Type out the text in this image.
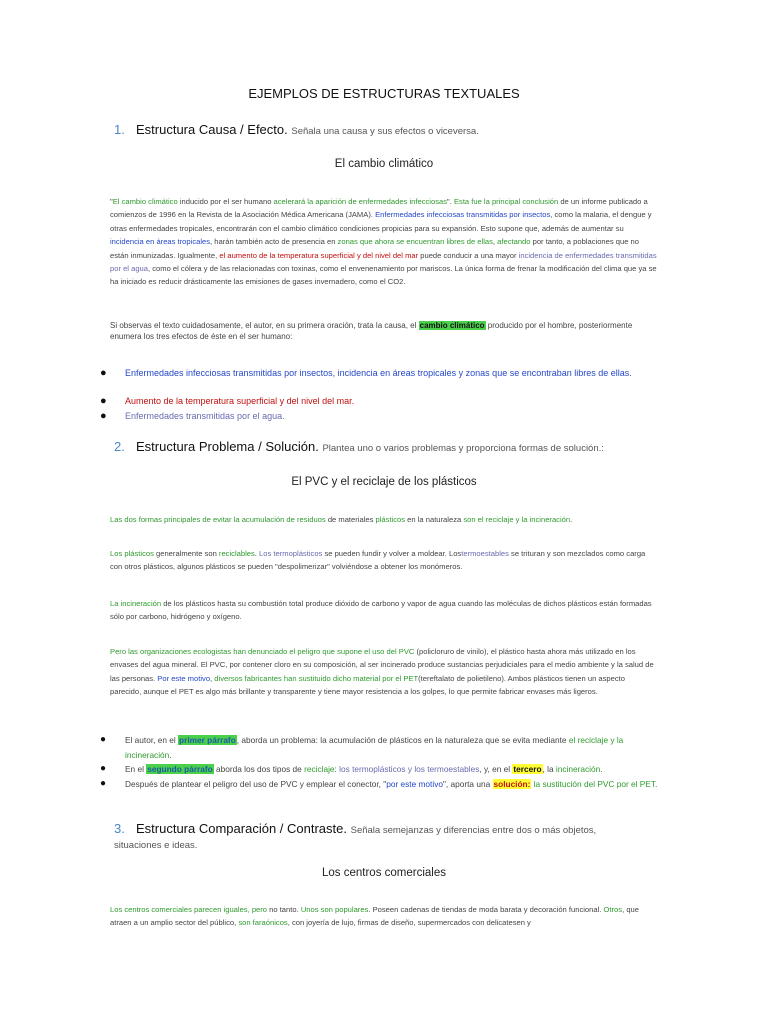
EJEMPLOS DE ESTRUCTURAS TEXTUALES
1. Estructura Causa / Efecto. Señala una causa y sus efectos o viceversa.
El cambio climático
"El cambio climático inducido por el ser humano acelerará la aparición de enfermedades infecciosas". Esta fue la principal conclusión de un informe publicado a comienzos de 1996 en la Revista de la Asociación Médica Americana (JAMA). Enfermedades infecciosas transmitidas por insectos, como la malaria, el dengue y otras enfermedades tropicales, encontrarán con el cambio climático condiciones propicias para su expansión. Esto supone que, además de aumentar su incidencia en áreas tropicales, harán también acto de presencia en zonas que ahora se encuentran libres de ellas, afectando por tanto, a poblaciones que no están inmunizadas. Igualmente, el aumento de la temperatura superficial y del nivel del mar puede conducir a una mayor incidencia de enfermedades transmitidas por el agua, como el cólera y de las relacionadas con toxinas, como el envenenamiento por mariscos. La única forma de frenar la modificación del clima que ya se ha iniciado es reducir drásticamente las emisiones de gases invernadero, como el CO2.
Si observas el texto cuidadosamente, el autor, en su primera oración, trata la causa, el cambio climático producido por el hombre, posteriormente enumera los tres efectos de éste en el ser humano:
● Enfermedades infecciosas transmitidas por insectos, incidencia en áreas tropicales y zonas que se encontraban libres de ellas.
● Aumento de la temperatura superficial y del nivel del mar.
● Enfermedades transmitidas por el agua.
2. Estructura Problema / Solución. Plantea uno o varios problemas y proporciona formas de solución.:
El PVC y el reciclaje de los plásticos
Las dos formas principales de evitar la acumulación de residuos de materiales plásticos en la naturaleza son el reciclaje y la incineración.
Los plásticos generalmente son reciclables. Los termoplásticos se pueden fundir y volver a moldear. Lostermoestables se trituran y son mezclados como carga con otros plásticos, algunos plásticos se pueden "despolimerizar" volviéndose a obtener los monómeros.
La incineración de los plásticos hasta su combustión total produce dióxido de carbono y vapor de agua cuando las moléculas de dichos plásticos están formadas sólo por carbono, hidrógeno y oxígeno.
Pero las organizaciones ecologistas han denunciado el peligro que supone el uso del PVC (policloruro de vinilo), el plástico hasta ahora más utilizado en los envases del agua mineral. El PVC, por contener cloro en su composición, al ser incinerado produce sustancias perjudiciales para el medio ambiente y la salud de las personas. Por este motivo, diversos fabricantes han sustituido dicho material por el PET(tereftalato de polietileno). Ambos plásticos tienen un aspecto parecido, aunque el PET es algo más brillante y transparente y tiene mayor resistencia a los golpes, lo que permite fabricar envases más ligeros.
● El autor, en el primer párrafo, aborda un problema: la acumulación de plásticos en la naturaleza que se evita mediante el reciclaje y la incineración.
● En el segundo párrafo aborda los dos tipos de reciclaje: los termoplásticos y los termoestables, y, en el tercero, la incineración.
● Después de plantear el peligro del uso de PVC y emplear el conector, "por este motivo", aporta una solución: la sustitución del PVC por el PET.
3. Estructura Comparación / Contraste. Señala semejanzas y diferencias entre dos o más objetos, situaciones e ideas.
Los centros comerciales
Los centros comerciales parecen iguales, pero no tanto. Unos son populares. Poseen cadenas de tiendas de moda barata y decoración funcional. Otros, que atraen a un amplio sector del público, son faraónicos, con joyería de lujo, firmas de diseño, supermercados con delicatesen y
